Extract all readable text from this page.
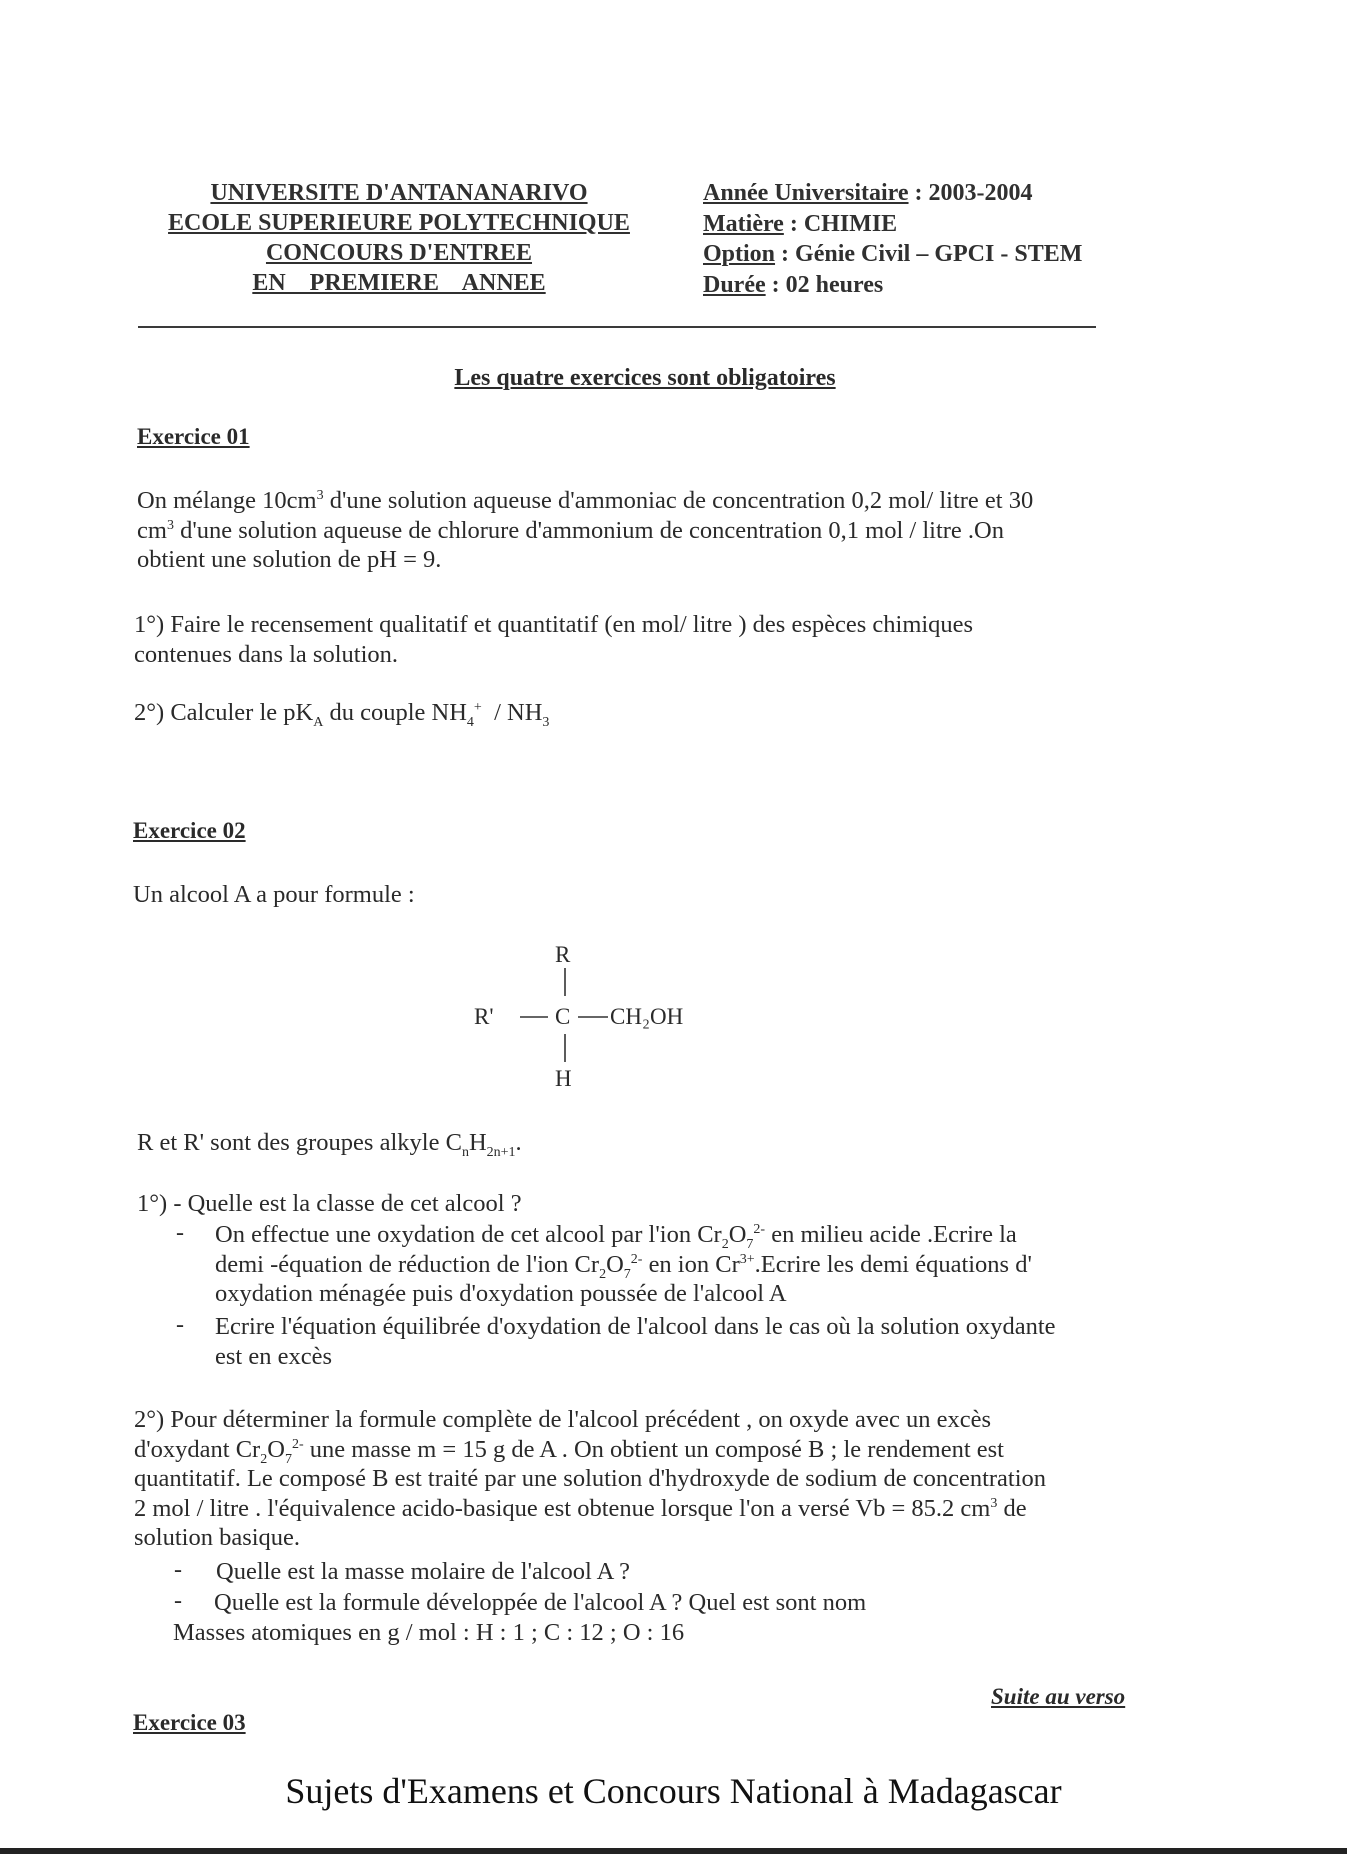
UNIVERSITE D'ANTANANARIVO
ECOLE SUPERIEURE POLYTECHNIQUE
CONCOURS D'ENTREE
EN    PREMIERE    ANNEE
Année Universitaire : 2003-2004
Matière : CHIMIE
Option : Génie Civil – GPCI - STEM
Durée : 02 heures
Les quatre exercices sont obligatoires
Exercice 01
On mélange $10cm^3$ d'une solution aqueuse d'ammoniac de concentration 0,2 mol/ litre et 30
$cm^3$ d'une solution aqueuse de chlorure d'ammonium de concentration 0,1 mol / litre .On
obtient une solution de pH = 9.
1°) Faire le recensement qualitatif et quantitatif (en mol/ litre ) des espèces chimiques
contenues dans la solution.
2°) Calculer le $pK_A$ du couple $NH_4^+ / NH_3$
Exercice 02
Un alcool A a pour formule :
R
R'	C CH₂OH
H
R et R' sont des groupes alkyle $C_nH_{2n+1}$.
1°) - Quelle est la classe de cet alcool ?
- On effectue une oxydation de cet alcool par l'ion $Cr_2O_7^{2-}$ en milieu acide .Ecrire la
demi -équation de réduction de l'ion $Cr_2O_7^{2-}$ en ion $Cr^{3+}.Ecrire$ les demi équations d'
oxydation ménagée puis d'oxydation poussée de l'alcool A
- Ecrire l'équation équilibrée d'oxydation de l'alcool dans le cas où la solution oxydante
est en excès
2°) Pour déterminer la formule complète de l'alcool précédent , on oxyde avec un excès
d'oxydant $Cr_2O_7^{2-}$ une masse m = 15 g de A . On obtient un composé B ; le rendement est
quantitatif. Le composé B est traité par une solution d'hydroxyde de sodium de concentration
2 mol / litre . l'équivalence acido-basique est obtenue lorsque l'on a versé Vb = 85.2 $cm^3$ de
solution basique.
- Quelle est la masse molaire de l'alcool A ?
- Quelle est la formule développée de l'alcool A ? Quel est sont nom
Masses atomiques en g / mol : H : 1 ; C : 12 ; O : 16
Suite au verso
Exercice 03
Sujets d'Examens et Concours National à Madagascar
